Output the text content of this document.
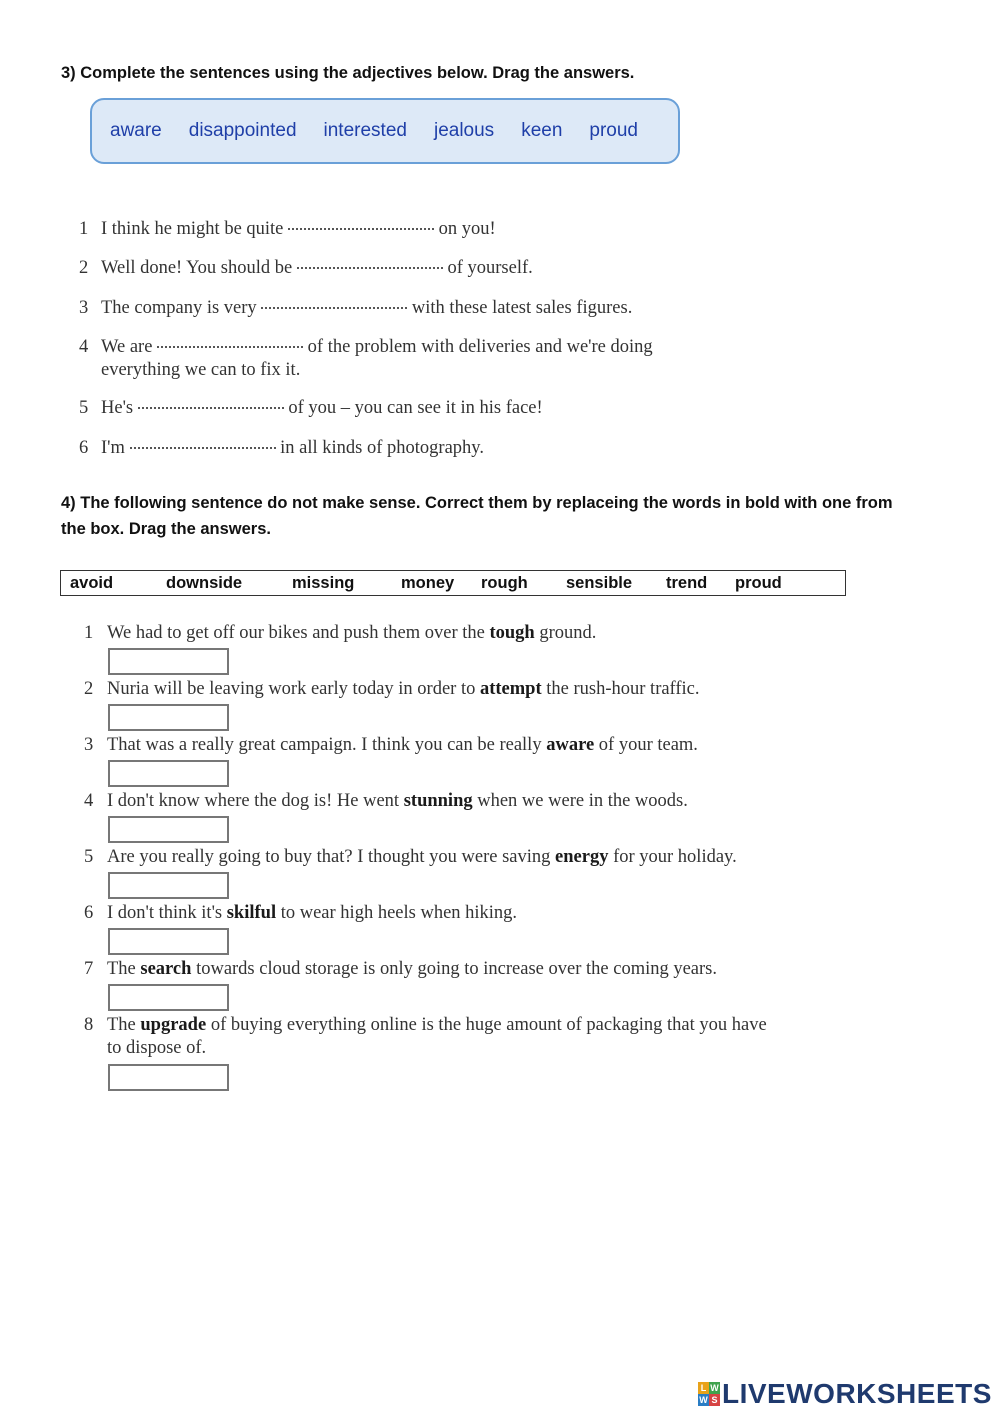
3) Complete the sentences using the adjectives below. Drag the answers.
aware disappointed interested jealous keen proud
1 I think he might be quite	on you!
2 Well done! You should be	of yourself.
3 The company is very	with these latest sales figures.
4 We are	of the problem with deliveries and we're doing
everything we can to fix it.
5 He's	of you – you can see it in his face!
6 I'm	in all kinds of photography.
4) The following sentence do not make sense. Correct them by replaceing the words in bold with one from the box. Drag the answers.
avoid	downside	missing	money rough sensible trend proud
1 We had to get off our bikes and push them over the tough ground.
2 Nuria will be leaving work early today in order to attempt the rush-hour traffic.
3 That was a really great campaign. I think you can be really aware of your team.
4 I don't know where the dog is! He went stunning when we were in the woods.
5 Are you really going to buy that? I thought you were saving energy for your holiday.
6 I don't think it's skilful to wear high heels when hiking.
7 The search towards cloud storage is only going to increase over the coming years.
8 The upgrade of buying everything online is the huge amount of packaging that you have
to dispose of.
L W
W S LIVEWORKSHEETS
